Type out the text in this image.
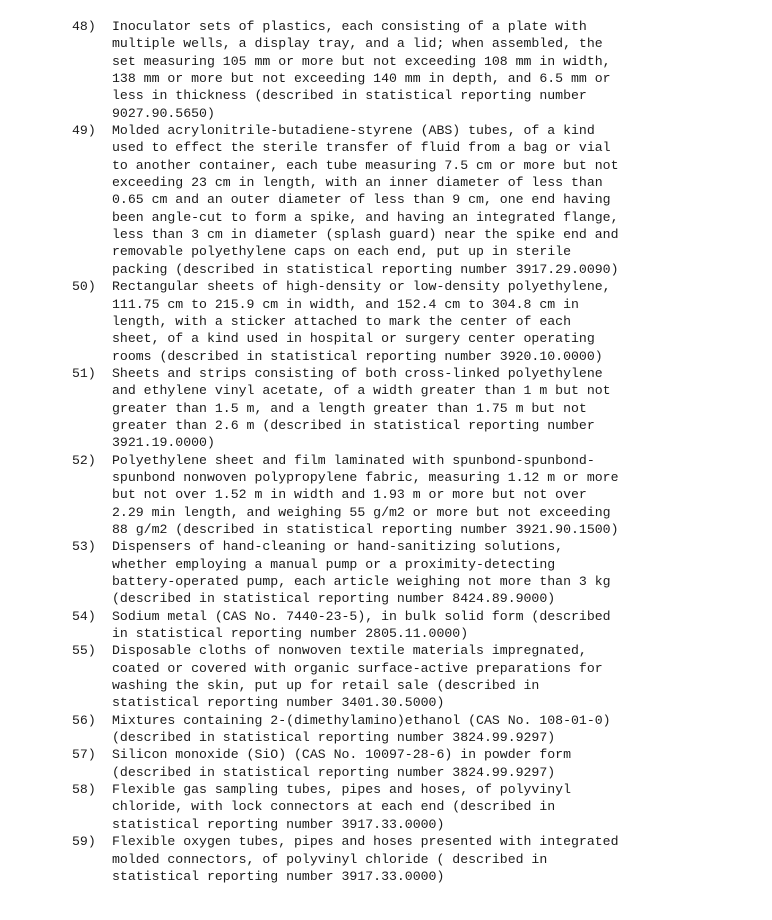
48)	Inoculator sets of plastics, each consisting of a plate with
multiple wells, a display tray, and a lid; when assembled, the
set measuring 105 mm or more but not exceeding 108 mm in width,
138 mm or more but not exceeding 140 mm in depth, and 6.5 mm or
less in thickness (described in statistical reporting number
9027.90.5650)
49)	Molded acrylonitrile-butadiene-styrene (ABS) tubes, of a kind
used to effect the sterile transfer of fluid from a bag or vial
to another container, each tube measuring 7.5 cm or more but not
exceeding 23 cm in length, with an inner diameter of less than
0.65 cm and an outer diameter of less than 9 cm, one end having
been angle-cut to form a spike, and having an integrated flange,
less than 3 cm in diameter (splash guard) near the spike end and
removable polyethylene caps on each end, put up in sterile
packing (described in statistical reporting number 3917.29.0090)
50)	Rectangular sheets of high-density or low-density polyethylene,
111.75 cm to 215.9 cm in width, and 152.4 cm to 304.8 cm in
length, with a sticker attached to mark the center of each
sheet, of a kind used in hospital or surgery center operating
rooms (described in statistical reporting number 3920.10.0000)
51)	Sheets and strips consisting of both cross-linked polyethylene
and ethylene vinyl acetate, of a width greater than 1 m but not
greater than 1.5 m, and a length greater than 1.75 m but not
greater than 2.6 m (described in statistical reporting number
3921.19.0000)
52)	Polyethylene sheet and film laminated with spunbond-spunbond-
spunbond nonwoven polypropylene fabric, measuring 1.12 m or more
but not over 1.52 m in width and 1.93 m or more but not over
2.29 min length, and weighing 55 g/m2 or more but not exceeding
88 g/m2 (described in statistical reporting number 3921.90.1500)
53)	Dispensers of hand-cleaning or hand-sanitizing solutions,
whether employing a manual pump or a proximity-detecting
battery-operated pump, each article weighing not more than 3 kg
(described in statistical reporting number 8424.89.9000)
54)	Sodium metal (CAS No. 7440-23-5), in bulk solid form (described
in statistical reporting number 2805.11.0000)
55)	Disposable cloths of nonwoven textile materials impregnated,
coated or covered with organic surface-active preparations for
washing the skin, put up for retail sale (described in
statistical reporting number 3401.30.5000)
56)	Mixtures containing 2-(dimethylamino)ethanol (CAS No. 108-01-0)
(described in statistical reporting number 3824.99.9297)
57)	Silicon monoxide (SiO) (CAS No. 10097-28-6) in powder form
(described in statistical reporting number 3824.99.9297)
58)	Flexible gas sampling tubes, pipes and hoses, of polyvinyl
chloride, with lock connectors at each end (described in
statistical reporting number 3917.33.0000)
59)	Flexible oxygen tubes, pipes and hoses presented with integrated
molded connectors, of polyvinyl chloride ( described in
statistical reporting number 3917.33.0000)
